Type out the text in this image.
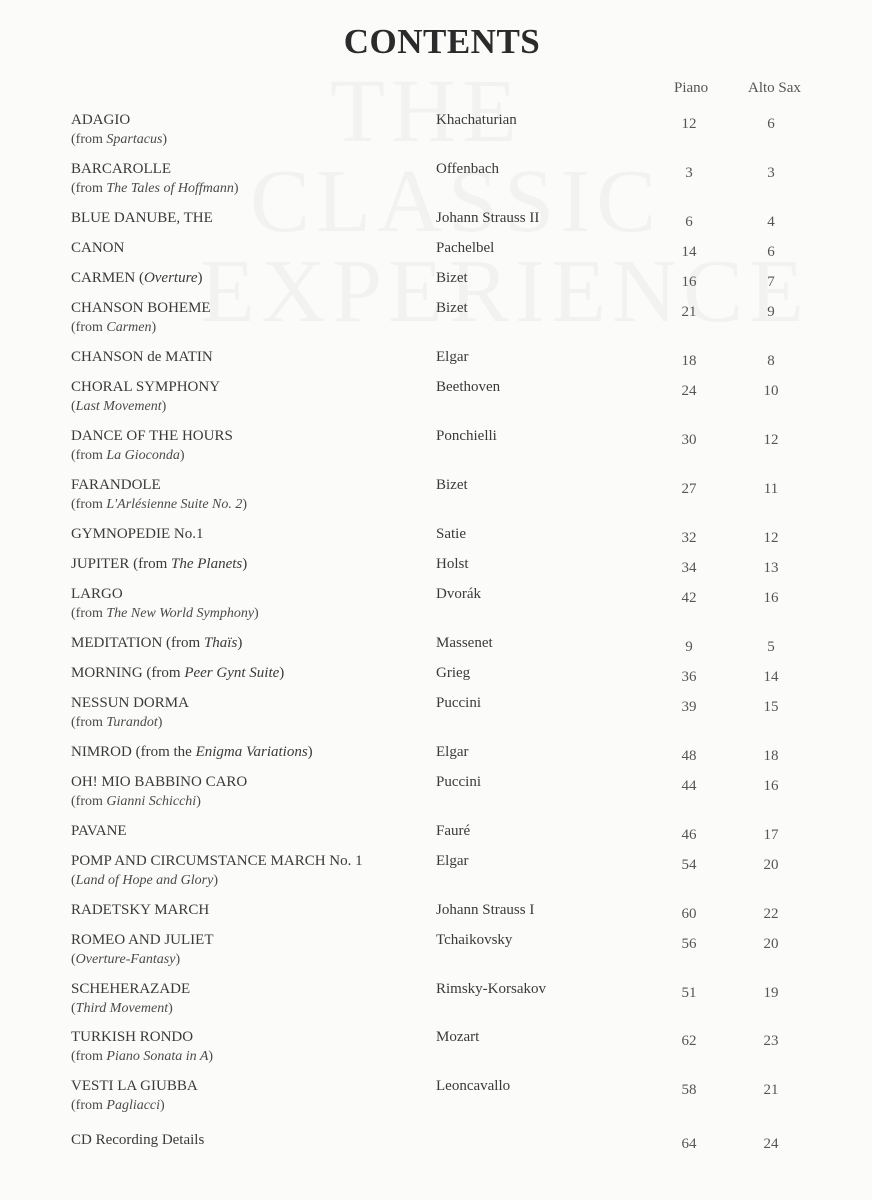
CONTENTS
Piano	Alto Sax
ADAGIO
(from Spartacus)
Khachaturian	12	6
BARCAROLLE
(from The Tales of Hoffmann)
Offenbach	3	3
BLUE DANUBE, THE	Johann Strauss II	6	4
CANON	Pachelbel	14	6
CARMEN (Overture)	Bizet	16	7
CHANSON BOHEME
(from Carmen)
Bizet	21	9
CHANSON de MATIN	Elgar	18	8
CHORAL SYMPHONY
(Last Movement)
Beethoven	24	10
DANCE OF THE HOURS
(from La Gioconda)
Ponchielli	30	12
FARANDOLE
(from L'Arlésienne Suite No. 2)
Bizet	27	11
GYMNOPEDIE No.1	Satie	32	12
JUPITER (from The Planets)	Holst	34	13
LARGO
(from The New World Symphony)
Dvorák	42	16
MEDITATION (from Thaïs)	Massenet	9	5
MORNING (from Peer Gynt Suite)	Grieg	36	14
NESSUN DORMA
(from Turandot)
Puccini	39	15
NIMROD (from the Enigma Variations)	Elgar	48	18
OH! MIO BABBINO CARO
(from Gianni Schicchi)
Puccini	44	16
PAVANE	Fauré	46	17
POMP AND CIRCUMSTANCE MARCH No. 1
(Land of Hope and Glory)
Elgar	54	20
RADETSKY MARCH	Johann Strauss I	60	22
ROMEO AND JULIET
(Overture-Fantasy)
Tchaikovsky	56	20
SCHEHERAZADE
(Third Movement)
Rimsky-Korsakov	51	19
TURKISH RONDO
(from Piano Sonata in A)
Mozart	62	23
VESTI LA GIUBBA
(from Pagliacci)
Leoncavallo	58	21
CD Recording Details	64	24
